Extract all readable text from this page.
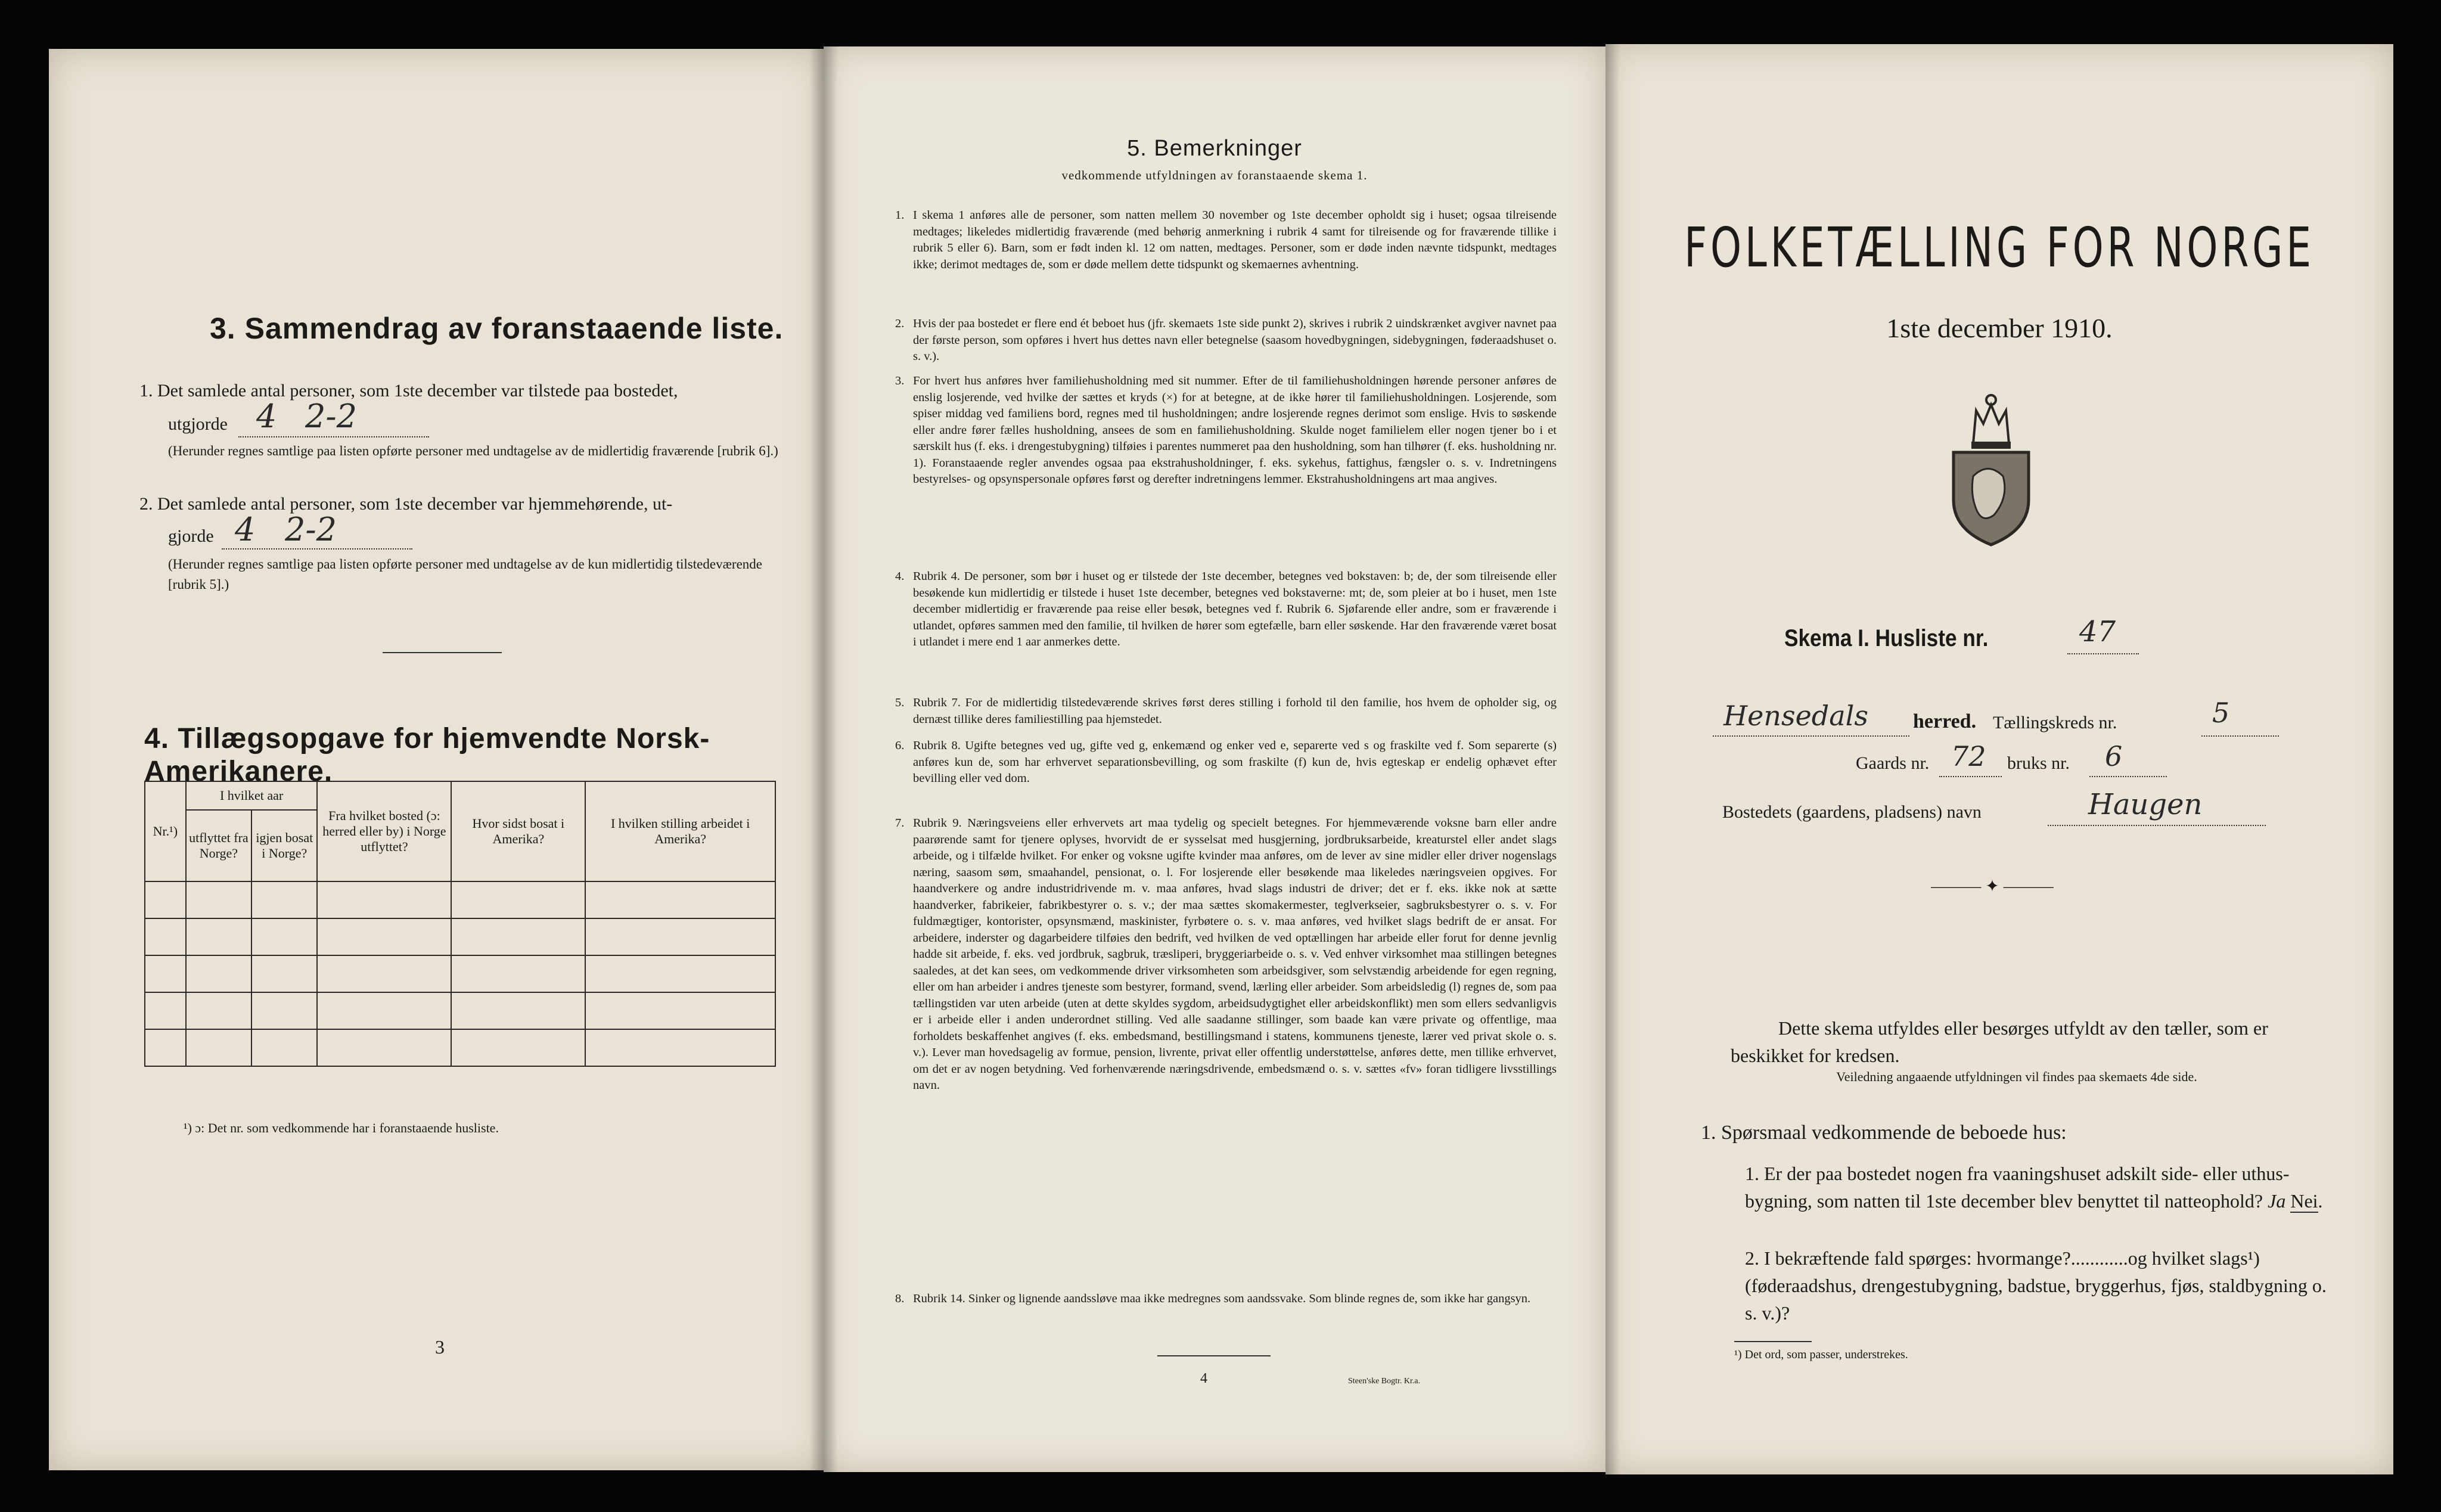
3. Sammendrag av foranstaaende liste.
1. Det samlede antal personer, som 1ste december var tilstede paa bostedet,
utgjorde 4 2-2
(Herunder regnes samtlige paa listen opførte personer med undtagelse av de midlertidig fraværende [rubrik 6].)
2. Det samlede antal personer, som 1ste december var hjemmehørende, ut-
gjorde 4 2-2
(Herunder regnes samtlige paa listen opførte personer med undtagelse av de kun midlertidig tilstedeværende [rubrik 5].)
4. Tillægsopgave for hjemvendte Norsk-Amerikanere.
Nr.¹)	I hvilket aar		Fra hvilket bosted (ɔ: herred eller by) i Norge utflyttet?	Hvor sidst bosat i Amerika?	I hvilken stilling arbeidet i Amerika?
	utflyttet fra Norge?	igjen bosat i Norge?			

¹) ɔ: Det nr. som vedkommende har i foranstaaende husliste.
3
5. Bemerkninger
vedkommende utfyldningen av foranstaaende skema 1.
1. I skema 1 anføres alle de personer, som natten mellem 30 november og 1ste december opholdt sig i huset; ogsaa tilreisende medtages; likeledes midlertidig fraværende (med behørig anmerkning i rubrik 4 samt for tilreisende og for fraværende tillike i rubrik 5 eller 6). Barn, som er født inden kl. 12 om natten, medtages. Personer, som er døde inden nævnte tidspunkt, medtages ikke; derimot medtages de, som er døde mellem dette tidspunkt og skemaernes avhentning.
2. Hvis der paa bostedet er flere end ét beboet hus (jfr. skemaets 1ste side punkt 2), skrives i rubrik 2 uindskrænket avgiver navnet paa der første person, som opføres i hvert hus dettes navn eller betegnelse (saasom hovedbygningen, sidebygningen, føderaadshuset o. s. v.).
3. For hvert hus anføres hver familiehusholdning med sit nummer. Efter de til familiehusholdningen hørende personer anføres de enslig losjerende, ved hvilke der sættes et kryds (×) for at betegne, at de ikke hører til familiehusholdningen. Losjerende, som spiser middag ved familiens bord, regnes med til husholdningen; andre losjerende regnes derimot som enslige. Hvis to søskende eller andre fører fælles husholdning, ansees de som en familiehusholdning. Skulde noget familielem eller nogen tjener bo i et særskilt hus (f. eks. i drengestubygning) tilføies i parentes nummeret paa den husholdning, som han tilhører (f. eks. husholdning nr. 1). Foranstaaende regler anvendes ogsaa paa ekstrahusholdninger, f. eks. sykehus, fattighus, fængsler o. s. v. Indretningens bestyrelses- og opsynspersonale opføres først og derefter indretningens lemmer. Ekstrahusholdningens art maa angives.
4. Rubrik 4. De personer, som bør i huset og er tilstede der 1ste december, betegnes ved bokstaven: b; de, der som tilreisende eller besøkende kun midlertidig er tilstede i huset 1ste december, betegnes ved bokstaverne: mt; de, som pleier at bo i huset, men 1ste december midlertidig er fraværende paa reise eller besøk, betegnes ved f. Rubrik 6. Sjøfarende eller andre, som er fraværende i utlandet, opføres sammen med den familie, til hvilken de hører som egtefælle, barn eller søskende. Har den fraværende været bosat i utlandet i mere end 1 aar anmerkes dette.
5. Rubrik 7. For de midlertidig tilstedeværende skrives først deres stilling i forhold til den familie, hos hvem de opholder sig, og dernæst tillike deres familiestilling paa hjemstedet.
6. Rubrik 8. Ugifte betegnes ved ug, gifte ved g, enkemænd og enker ved e, separerte ved s og fraskilte ved f. Som separerte (s) anføres kun de, som har erhvervet separationsbevilling, og som fraskilte (f) kun de, hvis egteskap er endelig ophævet efter bevilling eller ved dom.
7. Rubrik 9. Næringsveiens eller erhvervets art maa tydelig og specielt betegnes. For hjemmeværende voksne barn eller andre paarørende samt for tjenere oplyses, hvorvidt de er sysselsat med husgjerning, jordbruksarbeide, kreaturstel eller andet slags arbeide, og i tilfælde hvilket. For enker og voksne ugifte kvinder maa anføres, om de lever av sine midler eller driver nogenslags næring, saasom søm, smaahandel, pensionat, o. l. For losjerende eller besøkende maa likeledes næringsveien opgives. For haandverkere og andre industridrivende m. v. maa anføres, hvad slags industri de driver; det er f. eks. ikke nok at sætte haandverker, fabrikeier, fabrikbestyrer o. s. v.; der maa sættes skomakermester, teglverkseier, sagbruksbestyrer o. s. v. For fuldmægtiger, kontorister, opsynsmænd, maskinister, fyrbøtere o. s. v. maa anføres, ved hvilket slags bedrift de er ansat. For arbeidere, inderster og dagarbeidere tilføies den bedrift, ved hvilken de ved optællingen har arbeide eller forut for denne jevnlig hadde sit arbeide, f. eks. ved jordbruk, sagbruk, træsliperi, bryggeriarbeide o. s. v. Ved enhver virksomhet maa stillingen betegnes saaledes, at det kan sees, om vedkommende driver virksomheten som arbeidsgiver, som selvstændig arbeidende for egen regning, eller om han arbeider i andres tjeneste som bestyrer, formand, svend, lærling eller arbeider. Som arbeidsledig (l) regnes de, som paa tællingstiden var uten arbeide (uten at dette skyldes sygdom, arbeidsudygtighet eller arbeidskonflikt) men som ellers sedvanligvis er i arbeide eller i anden underordnet stilling. Ved alle saadanne stillinger, som baade kan være private og offentlige, maa forholdets beskaffenhet angives (f. eks. embedsmand, bestillingsmand i statens, kommunens tjeneste, lærer ved privat skole o. s. v.). Lever man hovedsagelig av formue, pension, livrente, privat eller offentlig understøttelse, anføres dette, men tillike erhvervet, om det er av nogen betydning. Ved forhenværende næringsdrivende, embedsmænd o. s. v. sættes «fv» foran tidligere livsstillings navn.
8. Rubrik 14. Sinker og lignende aandssløve maa ikke medregnes som aandssvake. Som blinde regnes de, som ikke har gangsyn.
4	Steen'ske Bogtr. Kr.a.
FOLKETÆLLING FOR NORGE
1ste december 1910.
Skema I. Husliste nr.	47
Hensedals herred. Tællingskreds nr.	5
Gaards nr. 72 bruks nr. 6
Bostedets (gaardens, pladsens) navn	Haugen
——— ✦ ———
Dette skema utfyldes eller besørges utfyldt av den tæller, som er beskikket for kredsen.
Veiledning angaaende utfyldningen vil findes paa skemaets 4de side.
1. Spørsmaal vedkommende de beboede hus:
1. Er der paa bostedet nogen fra vaaningshuset adskilt side- eller uthus-bygning, som natten til 1ste december blev benyttet til natteophold? Ja Nei.
2. I bekræftende fald spørges: hvormange?............og hvilket slags¹) (føderaadshus, drengestubygning, badstue, bryggerhus, fjøs, staldbygning o. s. v.)?
¹) Det ord, som passer, understrekes.
